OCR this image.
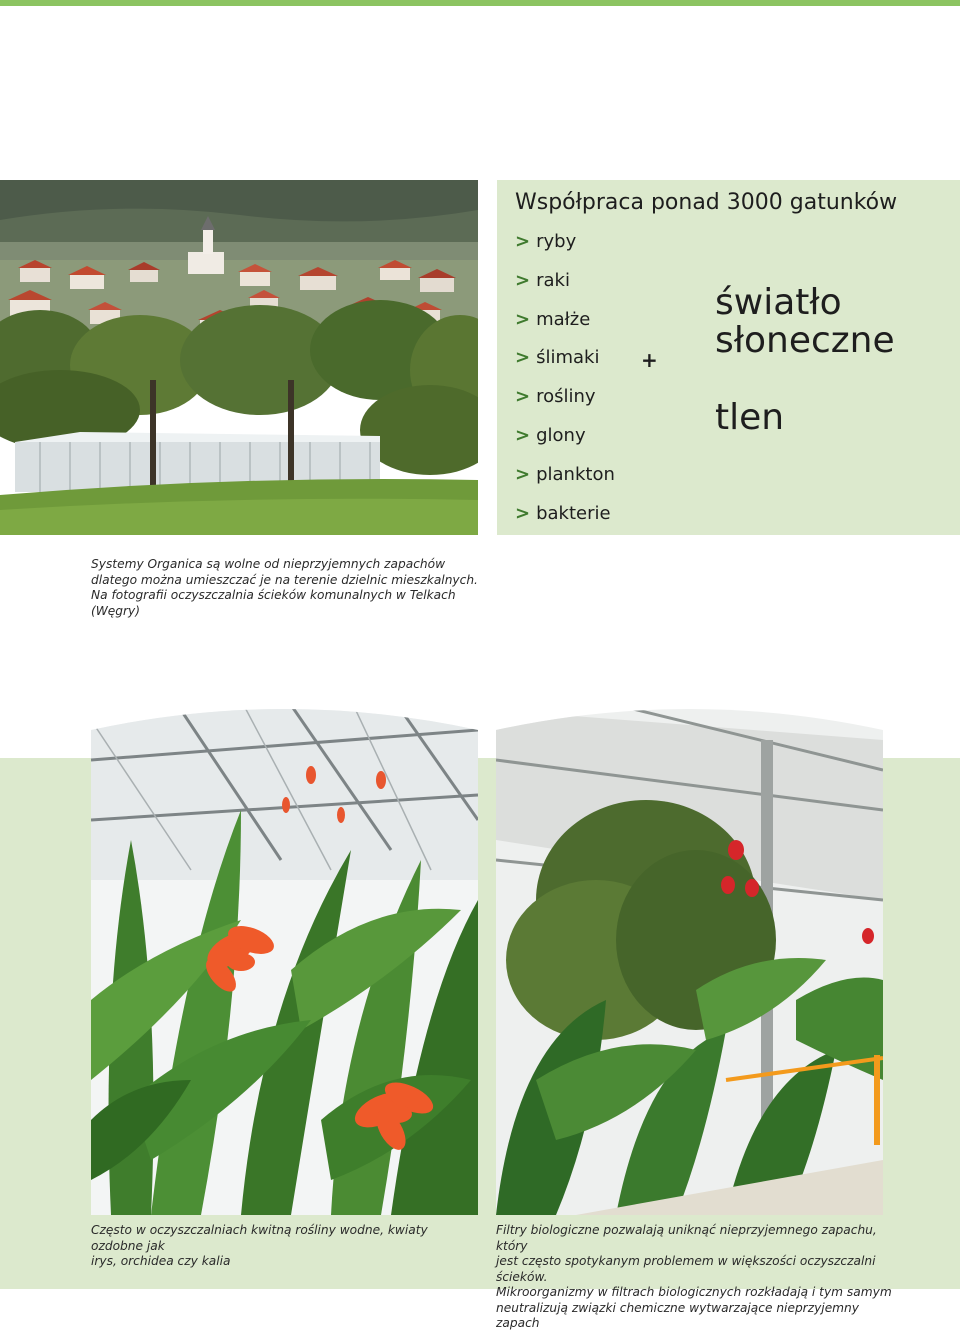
Współpraca ponad 3000 gatunków
> ryby
> raki
> małże
> ślimaki
> rośliny
> glony
> plankton
> bakterie
+
światło słoneczne
tlen

Systemy Organica są wolne od nieprzyjemnych zapachów
dlatego można umieszczać je na terenie dzielnic mieszkalnych.
Na fotografii oczyszczalnia ścieków komunalnych w Telkach (Węgry)

Często w oczyszczalniach kwitną rośliny wodne, kwiaty ozdobne jak
irys, orchidea czy kalia

Filtry biologiczne pozwalają uniknąć nieprzyjemnego zapachu, który
jest często spotykanym problemem w większości oczyszczalni ścieków.
Mikroorganizmy w filtrach biologicznych rozkładają i tym samym
neutralizują związki chemiczne wytwarzające nieprzyjemny zapach
